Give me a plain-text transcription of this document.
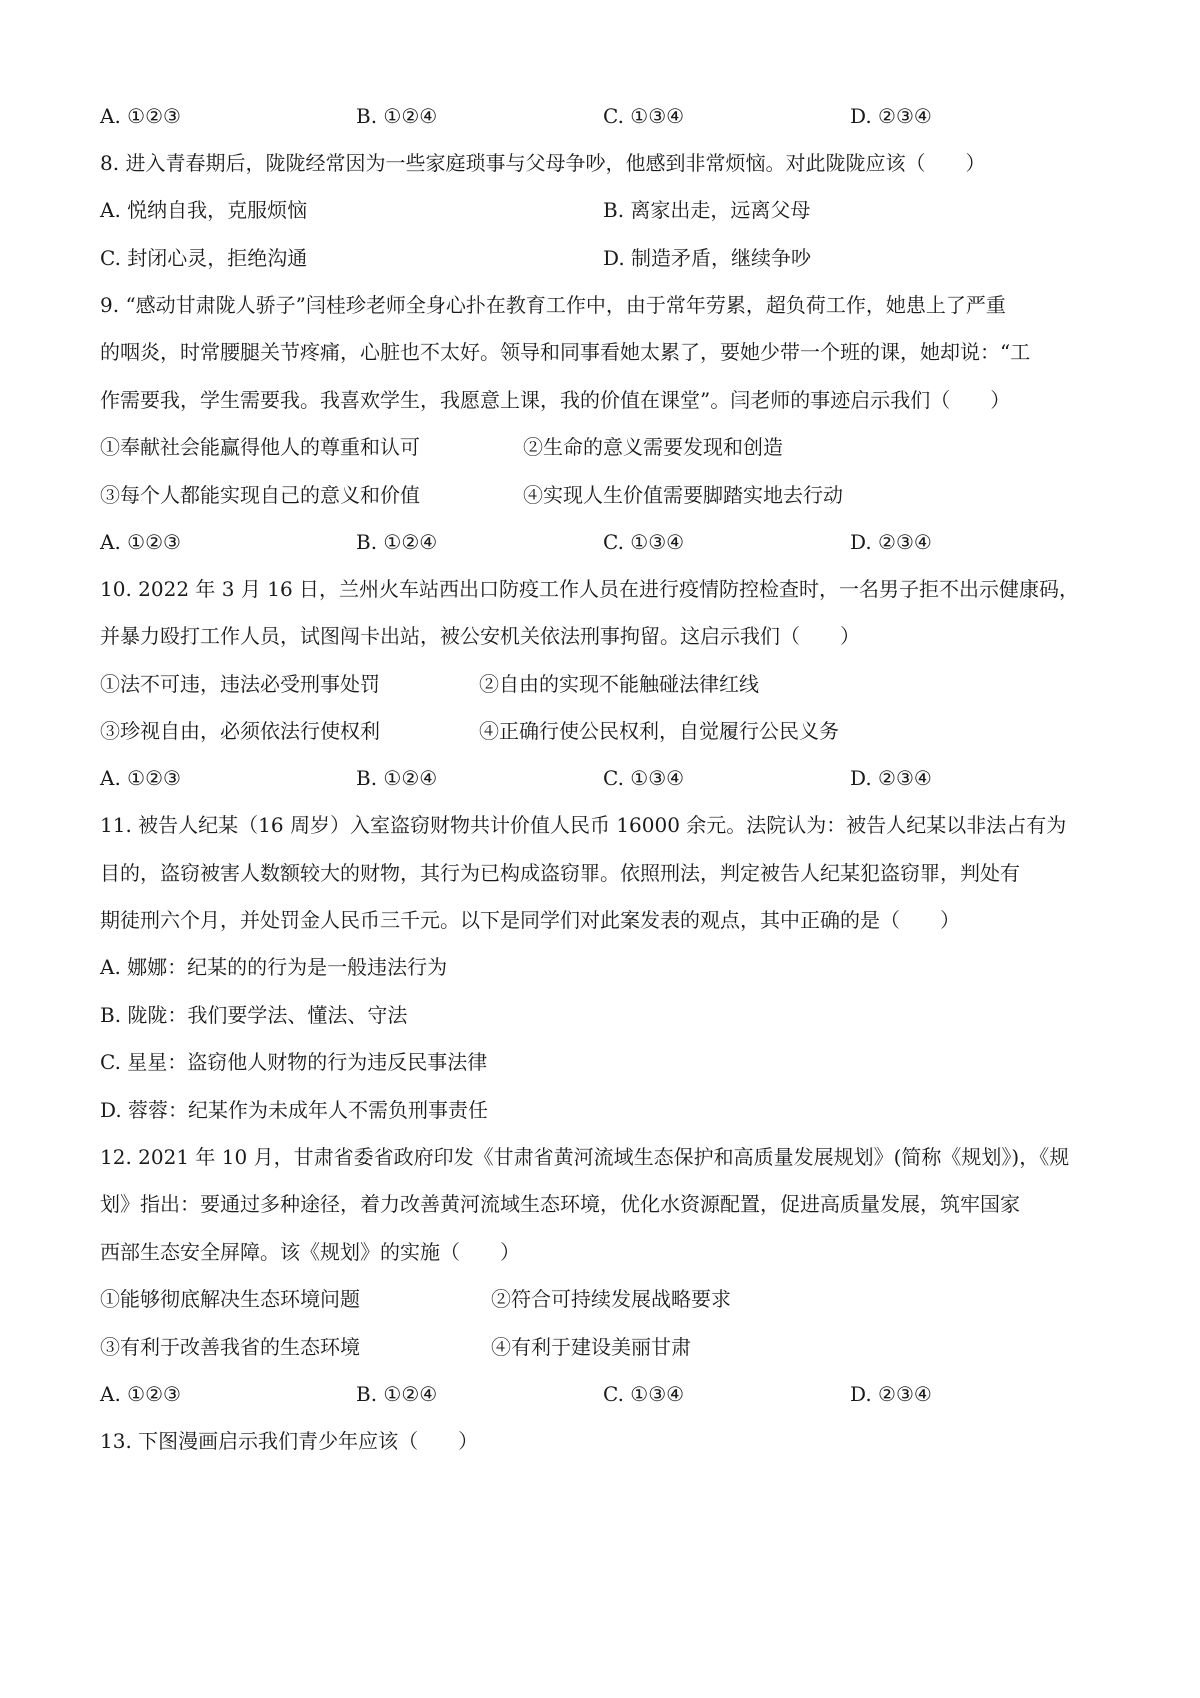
A. ①②③	B. ①②④	C. ①③④	D. ②③④
8. 进入青春期后，陇陇经常因为一些家庭琐事与父母争吵，他感到非常烦恼。对此陇陇应该（　　）
A. 悦纳自我，克服烦恼	B. 离家出走，远离父母
C. 封闭心灵，拒绝沟通	D. 制造矛盾，继续争吵
9. “感动甘肃陇人骄子”闫桂珍老师全身心扑在教育工作中，由于常年劳累，超负荷工作，她患上了严重
的咽炎，时常腰腿关节疼痛，心脏也不太好。领导和同事看她太累了，要她少带一个班的课，她却说：“工
作需要我，学生需要我。我喜欢学生，我愿意上课，我的价值在课堂”。闫老师的事迹启示我们（　　）
①奉献社会能赢得他人的尊重和认可	②生命的意义需要发现和创造
③每个人都能实现自己的意义和价值	④实现人生价值需要脚踏实地去行动
A. ①②③	B. ①②④	C. ①③④	D. ②③④
10. 2022 年 3 月 16 日，兰州火车站西出口防疫工作人员在进行疫情防控检查时，一名男子拒不出示健康码，
并暴力殴打工作人员，试图闯卡出站，被公安机关依法刑事拘留。这启示我们（　　）
①法不可违，违法必受刑事处罚	②自由的实现不能触碰法律红线
③珍视自由，必须依法行使权利	④正确行使公民权利，自觉履行公民义务
A. ①②③	B. ①②④	C. ①③④	D. ②③④
11. 被告人纪某（16 周岁）入室盗窃财物共计价值人民币 16000 余元。法院认为：被告人纪某以非法占有为
目的，盗窃被害人数额较大的财物，其行为已构成盗窃罪。依照刑法，判定被告人纪某犯盗窃罪，判处有
期徒刑六个月，并处罚金人民币三千元。以下是同学们对此案发表的观点，其中正确的是（　　）
A. 娜娜：纪某的的行为是一般违法行为
B. 陇陇：我们要学法、懂法、守法
C. 星星：盗窃他人财物的行为违反民事法律
D. 蓉蓉：纪某作为未成年人不需负刑事责任
12. 2021 年 10 月，甘肃省委省政府印发《甘肃省黄河流域生态保护和高质量发展规划》(简称《规划》)，《规
划》指出：要通过多种途径，着力改善黄河流域生态环境，优化水资源配置，促进高质量发展，筑牢国家
西部生态安全屏障。该《规划》的实施（　　）
①能够彻底解决生态环境问题	②符合可持续发展战略要求
③有利于改善我省的生态环境	④有利于建设美丽甘肃
A. ①②③	B. ①②④	C. ①③④	D. ②③④
13. 下图漫画启示我们青少年应该（　　）
